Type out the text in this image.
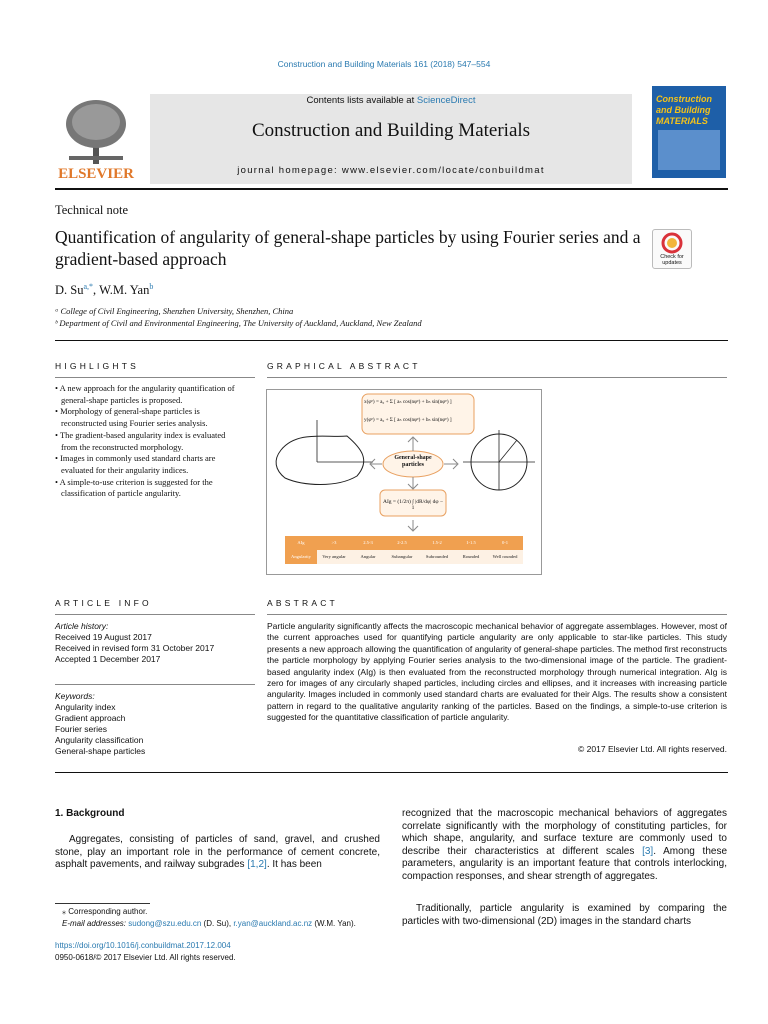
Construction and Building Materials 161 (2018) 547–554
ELSEVIER
Contents lists available at ScienceDirect
Construction and Building Materials
journal homepage: www.elsevier.com/locate/conbuildmat
Construction and Building MATERIALS
Technical note
Quantification of angularity of general-shape particles by using Fourier series and a gradient-based approach	Check for updates
D. $Su^{a,*}$, W.M. Yan$^b$
ᵃ College of Civil Engineering, Shenzhen University, Shenzhen, China
ᵇ Department of Civil and Environmental Engineering, The University of Auckland, Auckland, New Zealand
HIGHLIGHTS
• A new approach for the angularity quantification of general-shape particles is proposed.
• Morphology of general-shape particles is reconstructed using Fourier series analysis.
• The gradient-based angularity index is evaluated from the reconstructed morphology.
• Images in commonly used standard charts are evaluated for their angularity indices.
• A simple-to-use criterion is suggested for the classification of particle angularity.
GRAPHICAL ABSTRACT
x(φᵖ) = a₀ + Σ [ aₙ cos(nφᵖ) + bₙ sin(nφᵖ) ]
y(φᵖ) = a₀ + Σ [ aₙ cos(nφᵖ) + bₙ sin(nφᵖ) ]
General-shape
particles
AIg = (1/2π) ∫ |dR/dφ| dφ − 1
AIg	>3	2.5-3	2-2.5	1.5-2	1-1.5	0-1
Angularity	Very angular	Angular	Subangular	Subrounded	Rounded	Well rounded
ARTICLE INFO
Article history:
Received 19 August 2017
Received in revised form 31 October 2017
Accepted 1 December 2017
Keywords:
Angularity index
Gradient approach
Fourier series
Angularity classification
General-shape particles
ABSTRACT
Particle angularity significantly affects the macroscopic mechanical behavior of aggregate assemblages. However, most of the current approaches used for quantifying particle angularity are only applicable to star-like particles. This study presents a new approach allowing the quantification of angularity of general-shape particles. The method first reconstructs the particle morphology by applying Fourier series analysis to the two-dimensional image of the particle. The gradient-based angularity index (AIg) is then evaluated from the reconstructed morphology through numerical integration. AIg is zero for images of any circularly shaped particles, including circles and ellipses, and it increases with increasing particle angularity. Images included in commonly used standard charts are evaluated for their AIgs. The results show a consistent pattern in regard to the qualitative angularity ranking of the particles. Based on the findings, a simple-to-use criterion is suggested for the quantitative classification of particle angularity.
© 2017 Elsevier Ltd. All rights reserved.
1. Background
Aggregates, consisting of particles of sand, gravel, and crushed stone, play an important role in the performance of cement concrete, asphalt pavements, and railway subgrades [1,2]. It has been
recognized that the macroscopic mechanical behaviors of aggregates correlate significantly with the morphology of constituting particles, for which shape, angularity, and surface texture are commonly used to describe their characteristics at different scales [3]. Among these parameters, angularity is an important feature that controls interlocking, compaction responses, and shear strength of aggregates.
Traditionally, particle angularity is examined by comparing the particles with two-dimensional (2D) images in the standard charts
⁎ Corresponding author.
E-mail addresses: sudong@szu.edu.cn (D. Su), r.yan@auckland.ac.nz (W.M. Yan).
https://doi.org/10.1016/j.conbuildmat.2017.12.004
0950-0618/© 2017 Elsevier Ltd. All rights reserved.
